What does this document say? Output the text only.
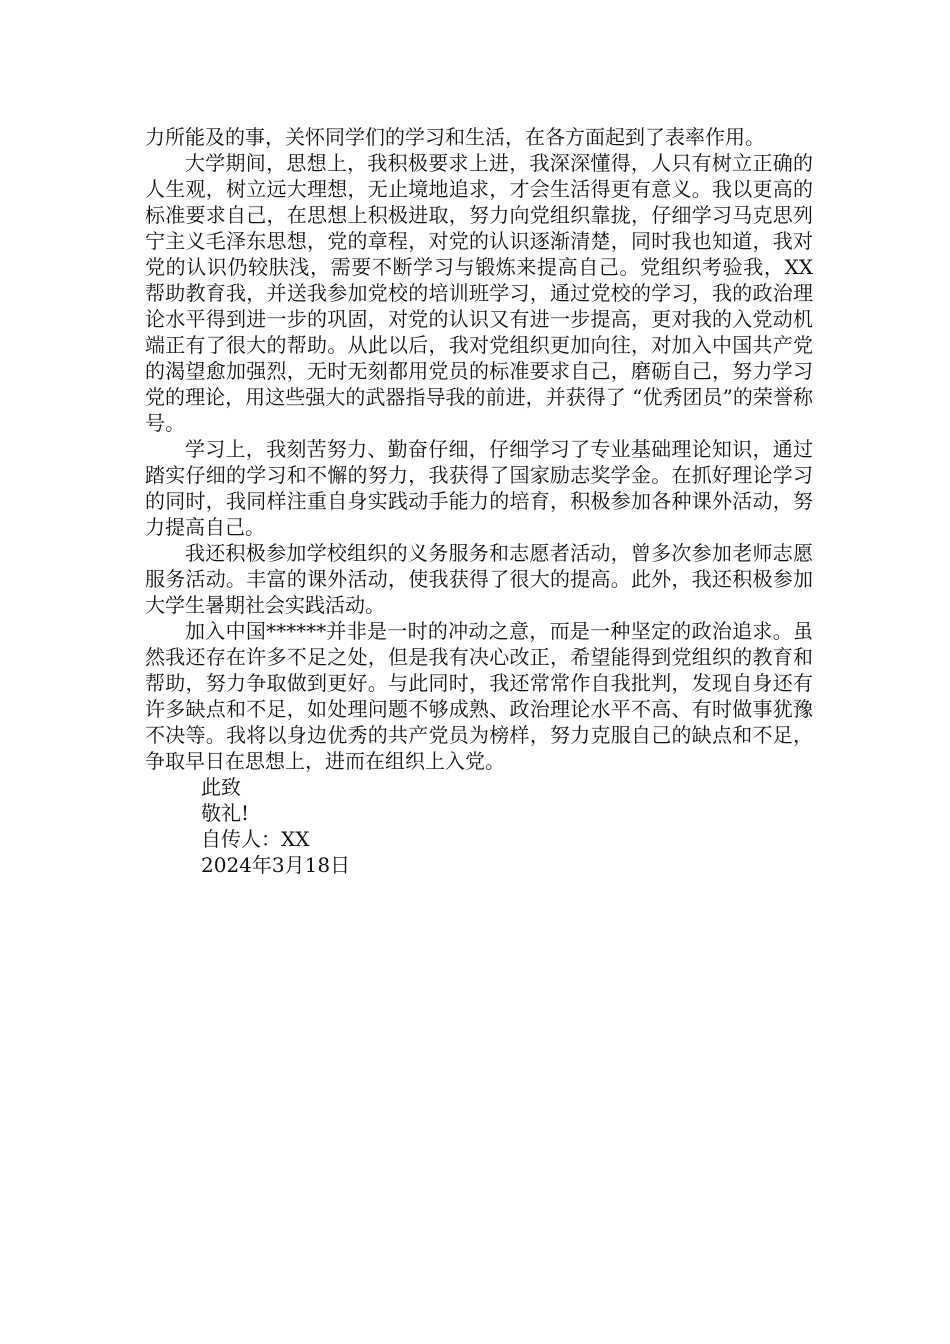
力所能及的事，关怀同学们的学习和生活，在各方面起到了表率作用。

大学期间，思想上，我积极要求上进，我深深懂得，人只有树立正确的人生观，树立远大理想，无止境地追求，才会生活得更有意义。我以更高的标准要求自己，在思想上积极进取，努力向党组织靠拢，仔细学习马克思列宁主义毛泽东思想，党的章程，对党的认识逐渐清楚，同时我也知道，我对党的认识仍较肤浅，需要不断学习与锻炼来提高自己。党组织考验我，XX帮助教育我，并送我参加党校的培训班学习，通过党校的学习，我的政治理论水平得到进一步的巩固，对党的认识又有进一步提高，更对我的入党动机端正有了很大的帮助。从此以后，我对党组织更加向往，对加入中国共产党的渴望愈加强烈，无时无刻都用党员的标准要求自己，磨砺自己，努力学习党的理论，用这些强大的武器指导我的前进，并获得了 “优秀团员”的荣誉称号。

学习上，我刻苦努力、勤奋仔细，仔细学习了专业基础理论知识，通过踏实仔细的学习和不懈的努力，我获得了国家励志奖学金。在抓好理论学习的同时，我同样注重自身实践动手能力的培育，积极参加各种课外活动，努力提高自己。

我还积极参加学校组织的义务服务和志愿者活动，曾多次参加老师志愿服务活动。丰富的课外活动，使我获得了很大的提高。此外，我还积极参加大学生暑期社会实践活动。

加入中国******并非是一时的冲动之意，而是一种坚定的政治追求。虽然我还存在许多不足之处，但是我有决心改正，希望能得到党组织的教育和帮助，努力争取做到更好。与此同时，我还常常作自我批判，发现自身还有许多缺点和不足，如处理问题不够成熟、政治理论水平不高、有时做事犹豫不决等。我将以身边优秀的共产党员为榜样，努力克服自己的缺点和不足，争取早日在思想上，进而在组织上入党。

此致
敬礼!
自传人：XX
2024年3月18日
